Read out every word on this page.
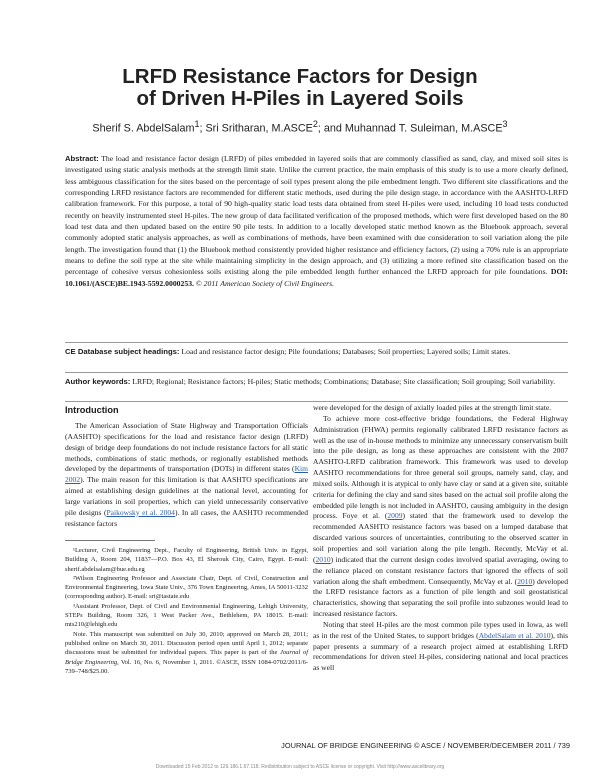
LRFD Resistance Factors for Design
of Driven H-Piles in Layered Soils
Sherif S. AbdelSalam$^1$; Sri Sritharan, M.ASCE$^2$; and Muhannad T. Suleiman, M.ASCE$^3$
Abstract: The load and resistance factor design (LRFD) of piles embedded in layered soils that are commonly classified as sand, clay, and mixed soil sites is investigated using static analysis methods at the strength limit state. Unlike the current practice, the main emphasis of this study is to use a more clearly defined, less ambiguous classification for the sites based on the percentage of soil types present along the pile embedment length. Two different site classifications and the corresponding LRFD resistance factors are recommended for different static methods, used during the pile design stage, in accordance with the AASHTO-LRFD calibration framework. For this purpose, a total of 90 high-quality static load tests data obtained from steel H-piles were used, including 10 load tests conducted recently on heavily instrumented steel H-piles. The new group of data facilitated verification of the proposed methods, which were first developed based on the 80 load test data and then updated based on the entire 90 pile tests. In addition to a locally developed static method known as the Bluebook approach, several commonly adopted static analysis approaches, as well as combinations of methods, have been examined with due consideration to soil variation along the pile length. The investigation found that (1) the Bluebook method consistently provided higher resistance and efficiency factors, (2) using a 70% rule is an appropriate means to define the soil type at the site while maintaining simplicity in the design approach, and (3) utilizing a more refined site classification based on the percentage of cohesive versus cohesionless soils existing along the pile embedded length further enhanced the LRFD approach for pile foundations. DOI: 10.1061/(ASCE)BE.1943-5592.0000253. © 2011 American Society of Civil Engineers.
CE Database subject headings: Load and resistance factor design; Pile foundations; Databases; Soil properties; Layered soils; Limit states.
Author keywords: LRFD; Regional; Resistance factors; H-piles; Static methods; Combinations; Database; Site classification; Soil grouping; Soil variability.
Introduction

The American Association of State Highway and Transportation Officials (AASHTO) specifications for the load and resistance factor design (LRFD) design of bridge deep foundations do not include resistance factors for all static methods, combinations of static methods, or regionally established methods developed by the departments of transportation (DOTs) in different states (Kim 2002). The main reason for this limitation is that AASHTO specifications are aimed at establishing design guidelines at the national level, accounting for large variations in soil properties, which can yield unnecessarily conservative pile designs (Paikowsky et al. 2004). In all cases, the AASHTO recommended resistance factors

¹Lecturer, Civil Engineering Dept., Faculty of Engineering, British Univ. in Egypt, Building A, Room 204, 11837—P.O. Box 43, El Sherouk City, Cairo, Egypt. E-mail: sherif.abdelsalam@bue.edu.eg

²Wilson Engineering Professor and Associate Chair, Dept. of Civil, Construction and Environmental Engineering, Iowa State Univ., 376 Town Engineering, Ames, IA 50011-3232 (corresponding author). E-mail: sri@iastate.edu

³Assistant Professor, Dept. of Civil and Environmental Engineering, Lehigh University, STEPs Building, Room 326, 1 West Packer Ave., Bethlehem, PA 18015. E-mail: mts210@lehigh.edu

Note. This manuscript was submitted on July 30, 2010; approved on March 28, 2011; published online on March 30, 2011. Discussion period open until April 1, 2012; separate discussions must be submitted for individual papers. This paper is part of the Journal of Bridge Engineering, Vol. 16, No. 6, November 1, 2011. ©ASCE, ISSN 1084-0702/2011/6-739–748/$25.00.

were developed for the design of axially loaded piles at the strength limit state.

To achieve more cost-effective bridge foundations, the Federal Highway Administration (FHWA) permits regionally calibrated LRFD resistance factors as well as the use of in-house methods to minimize any unnecessary conservatism built into the pile design, as long as these approaches are consistent with the 2007 AASHTO-LRFD calibration framework. This framework was used to develop AASHTO recommendations for three general soil groups, namely sand, clay, and mixed soils. Although it is atypical to only have clay or sand at a given site, suitable criteria for defining the clay and sand sites based on the actual soil profile along the embedded pile length is not included in AASHTO, causing ambiguity in the design process. Foye et al. (2009) stated that the framework used to develop the recommended AASHTO resistance factors was based on a lumped database that discarded various sources of uncertainties, contributing to the observed scatter in soil properties and soil variation along the pile length. Recently, McVay et al. (2010) indicated that the current design codes involved spatial averaging, owing to the reliance placed on constant resistance factors that ignored the effects of soil variation along the shaft embedment. Consequently, McVay et al. (2010) developed the LRFD resistance factors as a function of pile length and soil geostatistical characteristics, showing that separating the soil profile into subzones would lead to increased resistance factors.

Noting that steel H-piles are the most common pile types used in Iowa, as well as in the rest of the United States, to support bridges (AbdelSalam et al. 2010), this paper presents a summary of a research project aimed at establishing LRFD recommendations for driven steel H-piles, considering national and local practices as well

JOURNAL OF BRIDGE ENGINEERING © ASCE / NOVEMBER/DECEMBER 2011 / 739
Downloaded 15 Feb 2012 to 129.186.1.67.118. Redistribution subject to ASCE license or copyright. Visit http://www.ascelibrary.org
